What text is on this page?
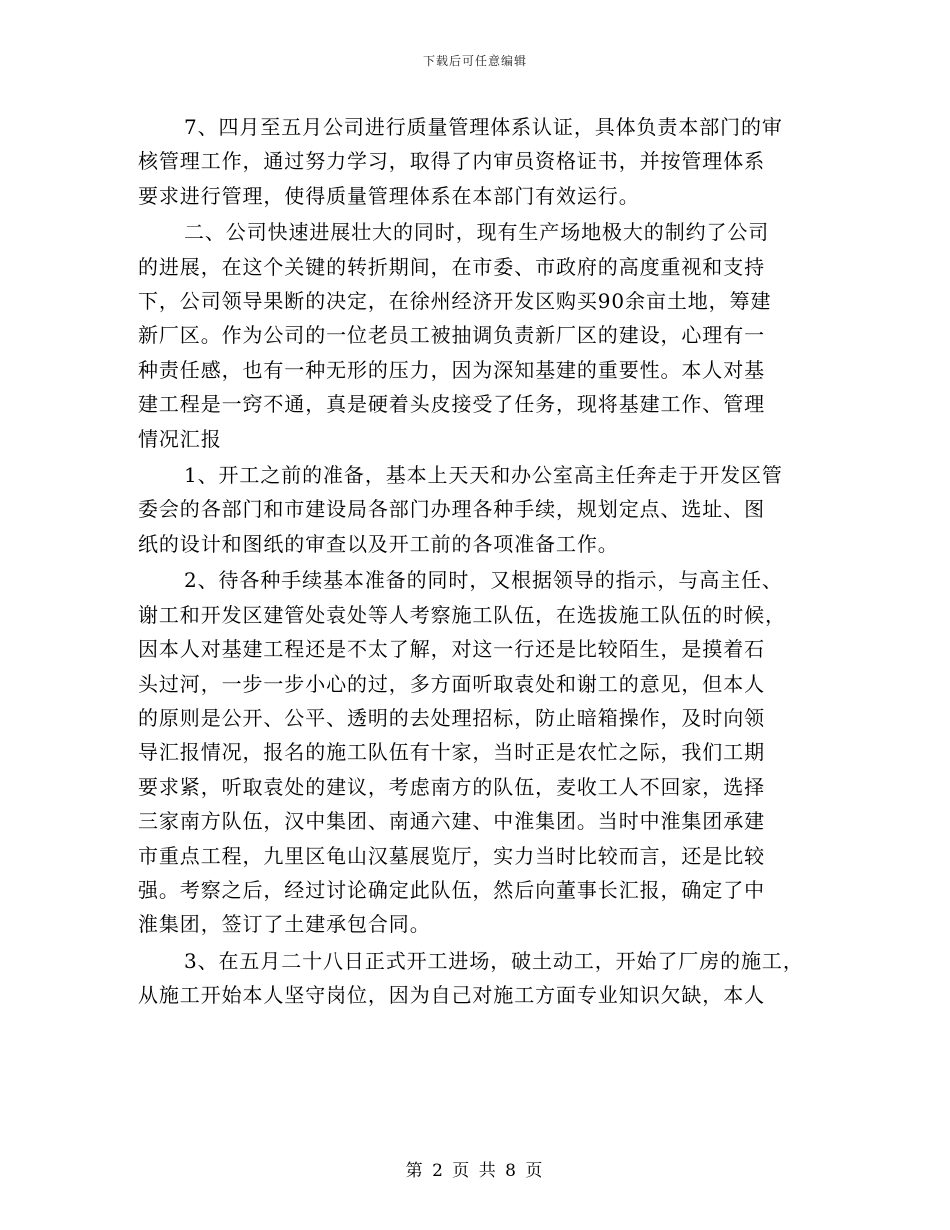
下载后可任意编辑

7、四月至五月公司进行质量管理体系认证，具体负责本部门的审
核管理工作，通过努力学习，取得了内审员资格证书，并按管理体系
要求进行管理，使得质量管理体系在本部门有效运行。

二、公司快速进展壮大的同时，现有生产场地极大的制约了公司
的进展，在这个关键的转折期间，在市委、市政府的高度重视和支持
下，公司领导果断的决定，在徐州经济开发区购买90余亩土地，筹建
新厂区。作为公司的一位老员工被抽调负责新厂区的建设，心理有一
种责任感，也有一种无形的压力，因为深知基建的重要性。本人对基
建工程是一窍不通，真是硬着头皮接受了任务，现将基建工作、管理
情况汇报

1、开工之前的准备，基本上天天和办公室高主任奔走于开发区管
委会的各部门和市建设局各部门办理各种手续，规划定点、选址、图
纸的设计和图纸的审查以及开工前的各项准备工作。

2、待各种手续基本准备的同时，又根据领导的指示，与高主任、
谢工和开发区建管处袁处等人考察施工队伍，在选拔施工队伍的时候，
因本人对基建工程还是不太了解，对这一行还是比较陌生，是摸着石
头过河，一步一步小心的过，多方面听取袁处和谢工的意见，但本人
的原则是公开、公平、透明的去处理招标，防止暗箱操作，及时向领
导汇报情况，报名的施工队伍有十家，当时正是农忙之际，我们工期
要求紧，听取袁处的建议，考虑南方的队伍，麦收工人不回家，选择
三家南方队伍，汉中集团、南通六建、中淮集团。当时中淮集团承建
市重点工程，九里区龟山汉墓展览厅，实力当时比较而言，还是比较
强。考察之后，经过讨论确定此队伍，然后向董事长汇报，确定了中
淮集团，签订了土建承包合同。

3、在五月二十八日正式开工进场，破土动工，开始了厂房的施工，
从施工开始本人坚守岗位，因为自己对施工方面专业知识欠缺，本人

第 2 页 共 8 页
